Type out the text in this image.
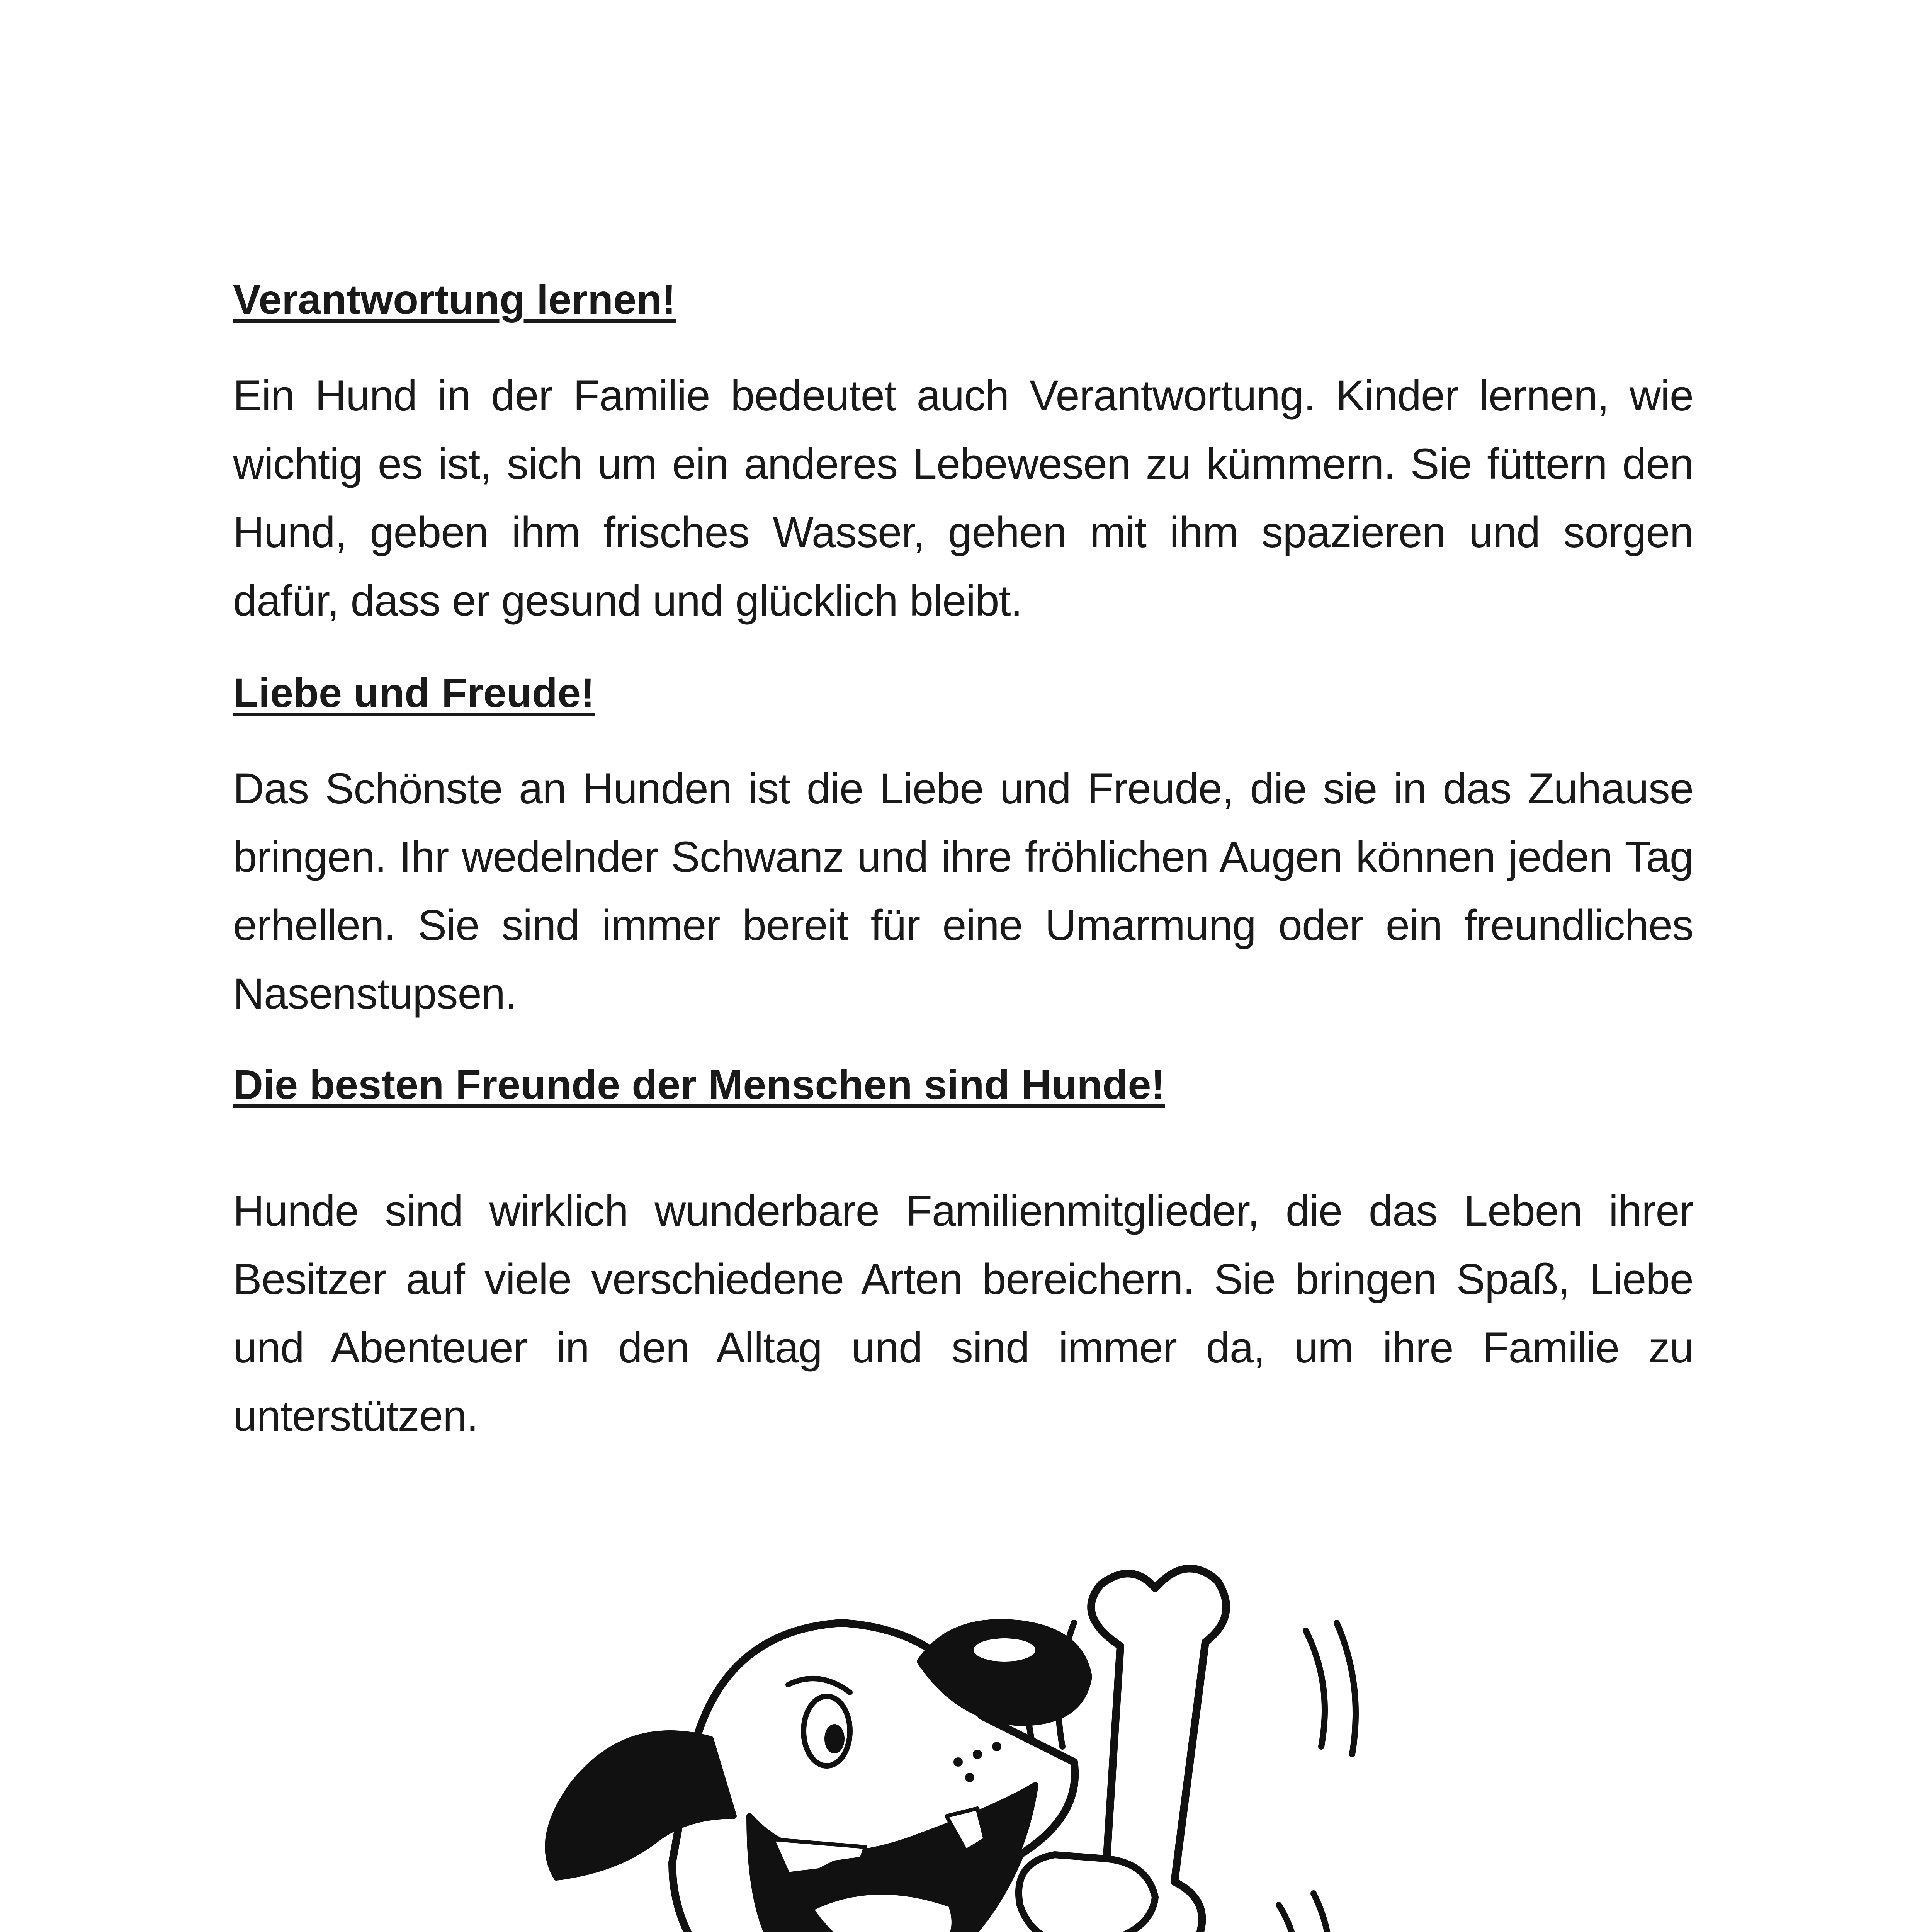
Verantwortung lernen!

Ein Hund in der Familie bedeutet auch Verantwortung. Kinder lernen, wie wichtig es ist, sich um ein anderes Lebewesen zu kümmern. Sie füttern den Hund, geben ihm frisches Wasser, gehen mit ihm spazieren und sorgen dafür, dass er gesund und glücklich bleibt.

Liebe und Freude!

Das Schönste an Hunden ist die Liebe und Freude, die sie in das Zuhause bringen. Ihr wedelnder Schwanz und ihre fröhlichen Augen können jeden Tag erhellen. Sie sind immer bereit für eine Umarmung oder ein freundliches Nasenstupsen.

Die besten Freunde der Menschen sind Hunde!

Hunde sind wirklich wunderbare Familienmitglieder, die das Leben ihrer Besitzer auf viele verschiedene Arten bereichern. Sie bringen Spaß, Liebe und Abenteuer in den Alltag und sind immer da, um ihre Familie zu unterstützen.
